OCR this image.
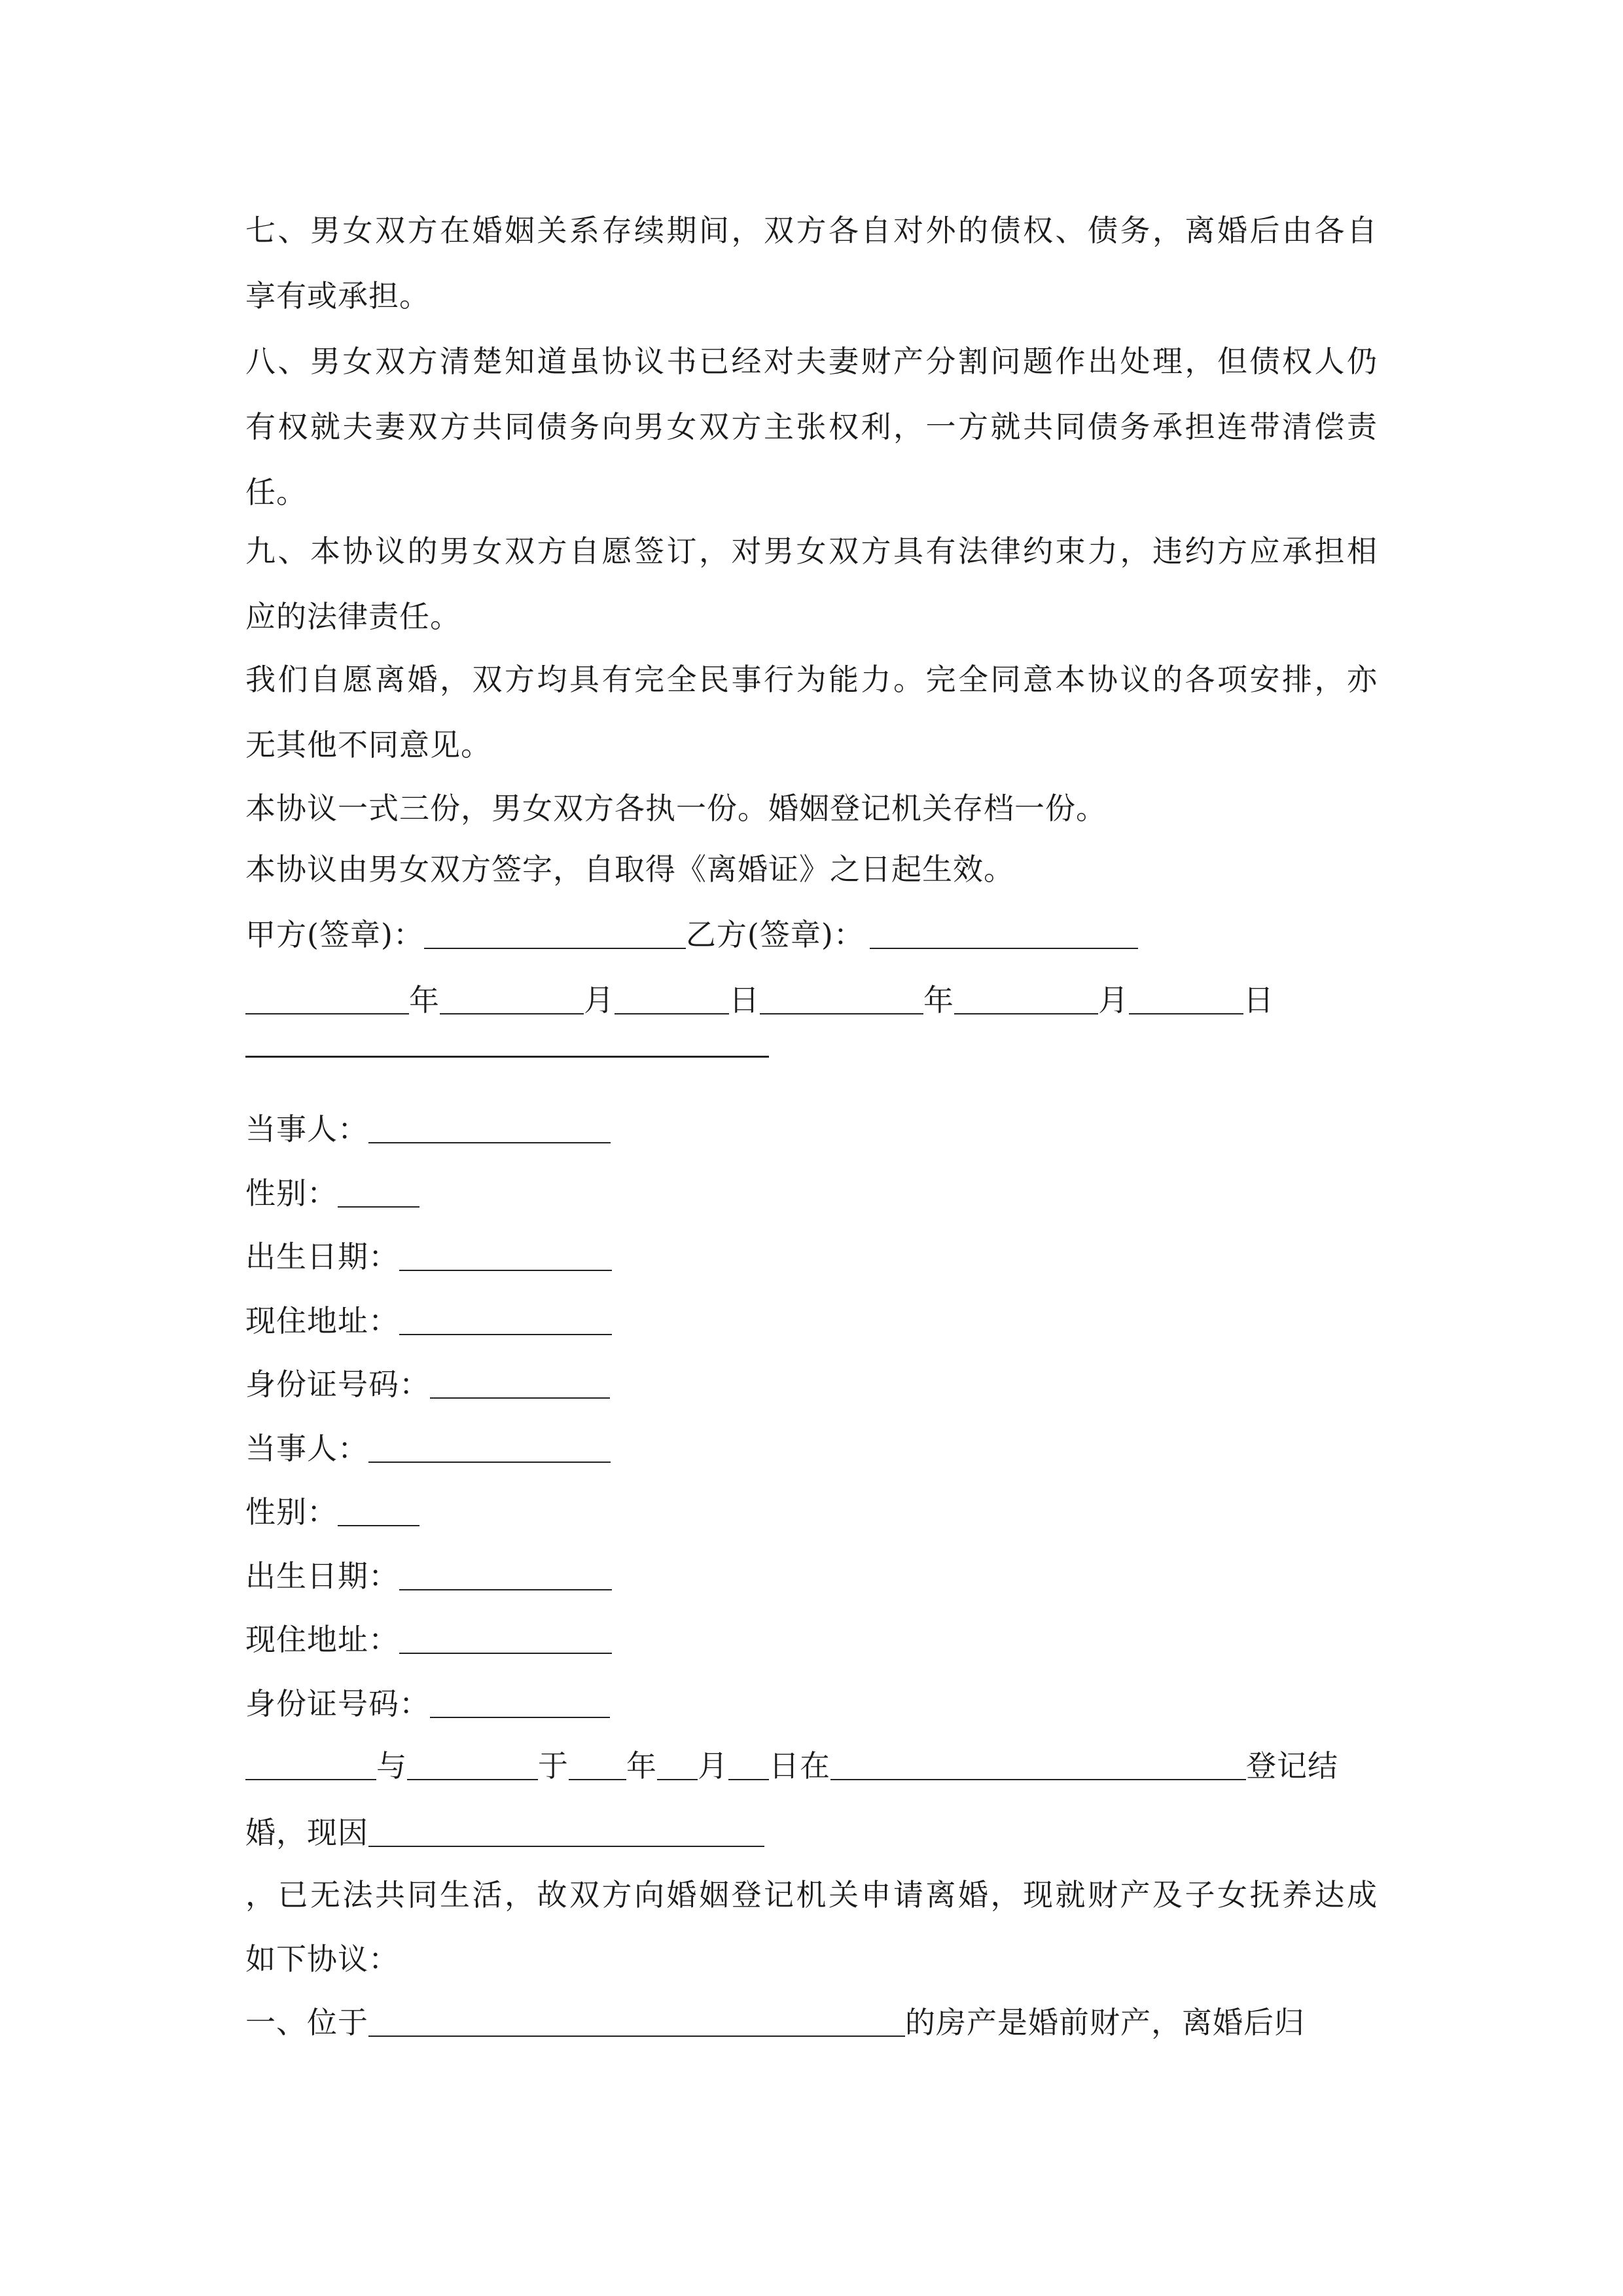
七、男女双方在婚姻关系存续期间，双方各自对外的债权、债务，离婚后由各自
享有或承担。
八、男女双方清楚知道虽协议书已经对夫妻财产分割问题作出处理，但债权人仍
有权就夫妻双方共同债务向男女双方主张权利，一方就共同债务承担连带清偿责
任。
九、本协议的男女双方自愿签订，对男女双方具有法律约束力，违约方应承担相
应的法律责任。
我们自愿离婚，双方均具有完全民事行为能力。完全同意本协议的各项安排，亦
无其他不同意见。
本协议一式三份，男女双方各执一份。婚姻登记机关存档一份。
本协议由男女双方签字，自取得《离婚证》之日起生效。
甲方(签章)：	乙方(签章)：
年	月	日	年	月	日
当事人：
性别：
出生日期：
现住地址：
身份证号码：
当事人：
性别：
出生日期：
现住地址：
身份证号码：
与	于 年 月 日在	登记结
婚，现因
，已无法共同生活，故双方向婚姻登记机关申请离婚，现就财产及子女抚养达成
如下协议：
一、位于	的房产是婚前财产，离婚后归
